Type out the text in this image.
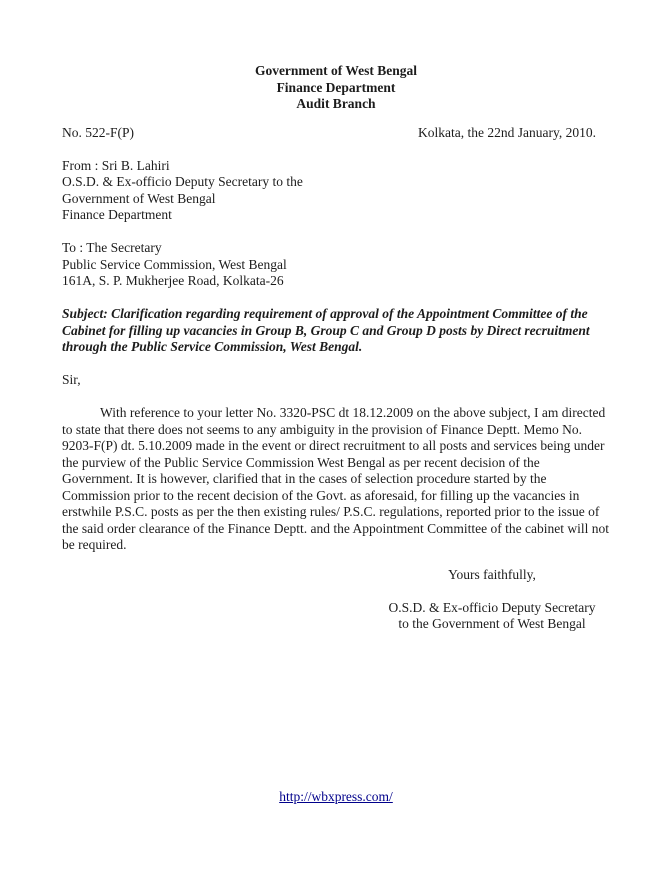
Government of West Bengal
Finance Department
Audit Branch
No. 522-F(P)	Kolkata, the 22nd January, 2010.
From : Sri B. Lahiri
O.S.D. & Ex-officio Deputy Secretary to the
Government of West Bengal
Finance Department
To : The Secretary
Public Service Commission, West Bengal
161A, S. P. Mukherjee Road, Kolkata-26
Subject: Clarification regarding requirement of approval of the Appointment Committee of the Cabinet for filling up vacancies in Group B, Group C and Group D posts by Direct recruitment through the Public Service Commission, West Bengal.
Sir,
With reference to your letter No. 3320-PSC dt 18.12.2009 on the above subject, I am directed to state that there does not seems to any ambiguity in the provision of Finance Deptt. Memo No. 9203-F(P) dt. 5.10.2009 made in the event or direct recruitment to all posts and services being under the purview of the Public Service Commission West Bengal as per recent decision of the Government. It is however, clarified that in the cases of selection procedure started by the Commission prior to the recent decision of the Govt. as aforesaid, for filling up the vacancies in erstwhile P.S.C. posts as per the then existing rules/ P.S.C. regulations, reported prior to the issue of the said order clearance of the Finance Deptt. and the Appointment Committee of the cabinet will not be required.
Yours faithfully,
O.S.D. & Ex-officio Deputy Secretary
to the Government of West Bengal
http://wbxpress.com/
